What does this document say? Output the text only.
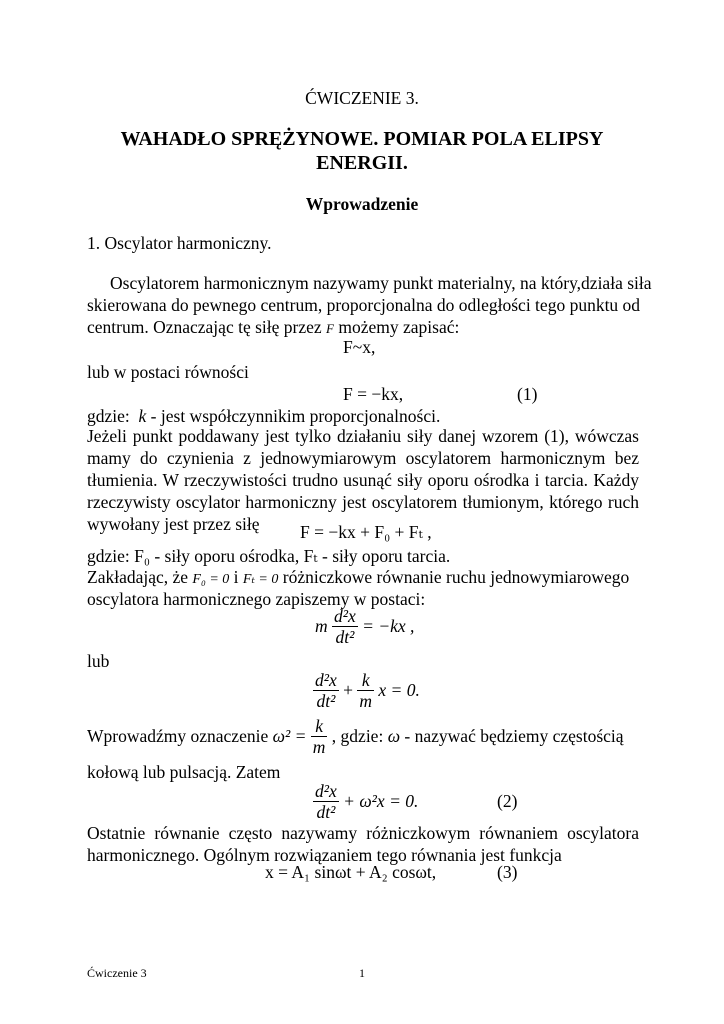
ĆWICZENIE 3.
WAHADŁO SPRĘŻYNOWE. POMIAR POLA ELIPSY
ENERGII.
Wprowadzenie
1. Oscylator harmoniczny.
Oscylatorem harmonicznym nazywamy punkt materialny, na który,działa siła
skierowana do pewnego centrum, proporcjonalna do odległości tego punktu od
centrum. Oznaczając tę siłę przez F możemy zapisać:
F~x,
lub w postaci równości
F = −kx,	(1)
gdzie: k - jest współczynnikim proporcjonalności.
Jeżeli punkt poddawany jest tylko działaniu siły danej wzorem (1), wówczas
mamy do czynienia z jednowymiarowym oscylatorem harmonicznym bez
tłumienia. W rzeczywistości trudno usunąć siły oporu ośrodka i tarcia. Każdy
rzeczywisty oscylator harmoniczny jest oscylatorem tłumionym, którego ruch
wywołany jest przez siłę F = −kx + F₀ + Fₜ ,
gdzie: F₀ - siły oporu ośrodka, Fₜ - siły oporu tarcia.
Zakładając, że F₀ = 0 i Fₜ = 0 różniczkowe równanie ruchu jednowymiarowego
oscylatora harmonicznego zapiszemy w postaci:
m $\frac{\text{d²x}}{\text{dt²}} = -kx$ ,
lub
$\frac{\text{d²x}}{\text{dt²}} + \frac{k}{m}$ x = 0.
Wprowadźmy oznaczenie $\omega^2 = \frac{k}{m}$ , gdzie: ω - nazywać będziemy częstością
kołową lub pulsacją. Zatem
$\frac{\text{d²x}}{\text{dt²}} + \omega^2x = 0$.	(2)
Ostatnie równanie często nazywamy różniczkowym równaniem oscylatora
harmonicznego. Ogólnym rozwiązaniem tego równania jest funkcja
x = A₁ sinωt + A₂ cosωt,	(3)
Ćwiczenie 3	1
